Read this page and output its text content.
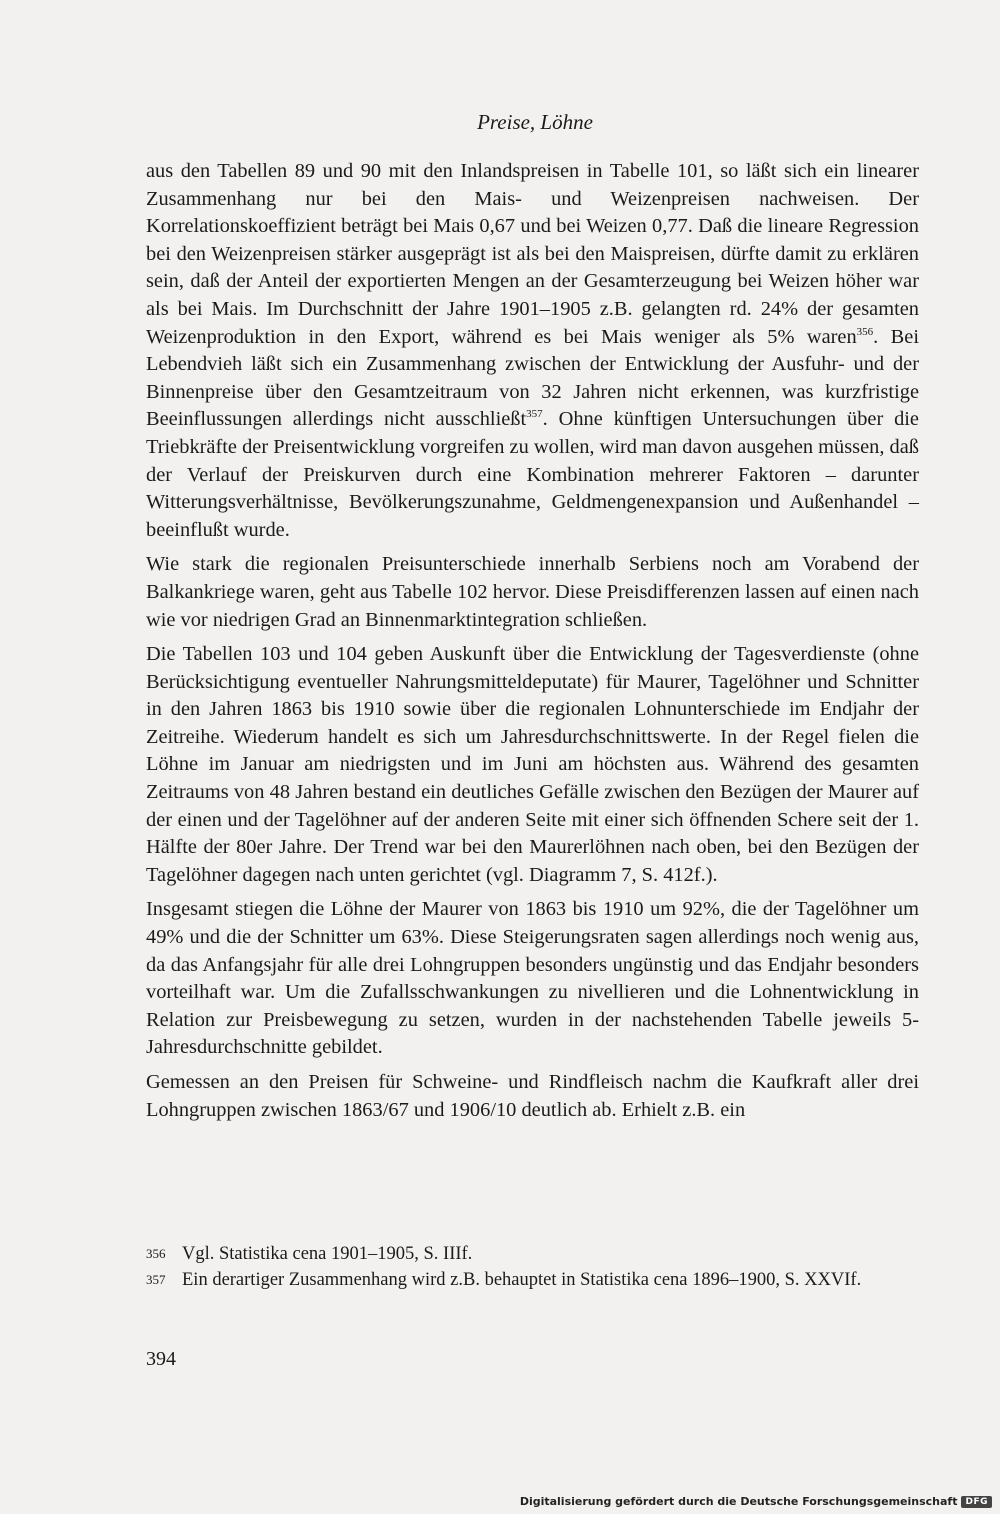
Preise, Löhne

aus den Tabellen 89 und 90 mit den Inlandspreisen in Tabelle 101, so läßt sich ein linearer Zusammenhang nur bei den Mais- und Weizenpreisen nachweisen. Der Korrelationskoeffizient beträgt bei Mais 0,67 und bei Weizen 0,77. Daß die lineare Regression bei den Weizenpreisen stärker ausgeprägt ist als bei den Maispreisen, dürfte damit zu erklären sein, daß der Anteil der exportierten Mengen an der Gesamterzeugung bei Weizen höher war als bei Mais. Im Durchschnitt der Jahre 1901–1905 z.B. gelangten rd. 24% der gesamten Weizenproduktion in den Export, während es bei Mais weniger als 5% waren$^{356}$. Bei Lebendvieh läßt sich ein Zusammenhang zwischen der Entwicklung der Ausfuhr- und der Binnenpreise über den Gesamtzeitraum von 32 Jahren nicht erkennen, was kurzfristige Beeinflussungen allerdings nicht ausschließt$^{357}$. Ohne künftigen Untersuchungen über die Triebkräfte der Preisentwicklung vorgreifen zu wollen, wird man davon ausgehen müssen, daß der Verlauf der Preiskurven durch eine Kombination mehrerer Faktoren – darunter Witterungsverhältnisse, Bevölkerungszunahme, Geldmengenexpansion und Außenhandel – beeinflußt wurde.

Wie stark die regionalen Preisunterschiede innerhalb Serbiens noch am Vorabend der Balkankriege waren, geht aus Tabelle 102 hervor. Diese Preisdifferenzen lassen auf einen nach wie vor niedrigen Grad an Binnenmarktintegration schließen.

Die Tabellen 103 und 104 geben Auskunft über die Entwicklung der Tagesverdienste (ohne Berücksichtigung eventueller Nahrungsmitteldeputate) für Maurer, Tagelöhner und Schnitter in den Jahren 1863 bis 1910 sowie über die regionalen Lohnunterschiede im Endjahr der Zeitreihe. Wiederum handelt es sich um Jahresdurchschnittswerte. In der Regel fielen die Löhne im Januar am niedrigsten und im Juni am höchsten aus. Während des gesamten Zeitraums von 48 Jahren bestand ein deutliches Gefälle zwischen den Bezügen der Maurer auf der einen und der Tagelöhner auf der anderen Seite mit einer sich öffnenden Schere seit der 1. Hälfte der 80er Jahre. Der Trend war bei den Maurerlöhnen nach oben, bei den Bezügen der Tagelöhner dagegen nach unten gerichtet (vgl. Diagramm 7, S. 412f.).

Insgesamt stiegen die Löhne der Maurer von 1863 bis 1910 um 92%, die der Tagelöhner um 49% und die der Schnitter um 63%. Diese Steigerungsraten sagen allerdings noch wenig aus, da das Anfangsjahr für alle drei Lohngruppen besonders ungünstig und das Endjahr besonders vorteilhaft war. Um die Zufallsschwankungen zu nivellieren und die Lohnentwicklung in Relation zur Preisbewegung zu setzen, wurden in der nachstehenden Tabelle jeweils 5-Jahresdurchschnitte gebildet.

Gemessen an den Preisen für Schweine- und Rindfleisch nachm die Kaufkraft aller drei Lohngruppen zwischen 1863/67 und 1906/10 deutlich ab. Erhielt z.B. ein

356 Vgl. Statistika cena 1901–1905, S. IIIf.
357 Ein derartiger Zusammenhang wird z.B. behauptet in Statistika cena 1896–1900, S. XXVIf.
394
Digitalisierung gefördert durch die Deutsche Forschungsgemeinschaft DFG
